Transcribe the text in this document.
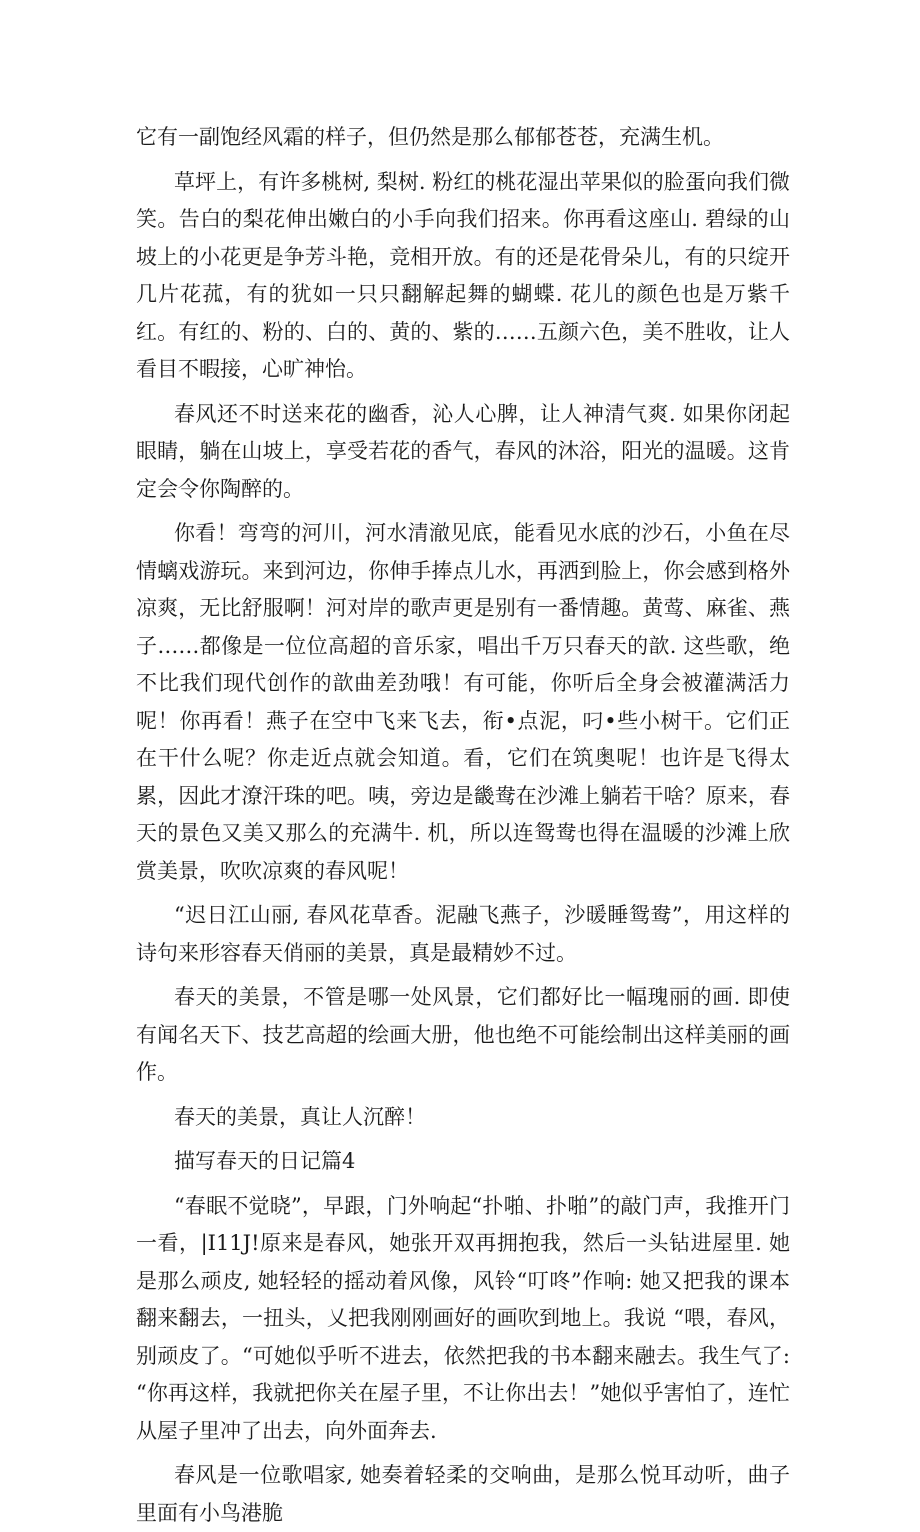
它有一副饱经风霜的样子，但仍然是那么郁郁苍苍，充满生机。

草坪上，有许多桃树, 梨树. 粉红的桃花湿出苹果似的脸蛋向我们微笑。告白的梨花伸出嫩白的小手向我们招来。你再看这座山. 碧绿的山坡上的小花更是争芳斗艳，竞相开放。有的还是花骨朵儿，有的只绽开几片花菰，有的犹如一只只翻解起舞的蝴蝶. 花儿的颜色也是万紫千红。有红的、粉的、白的、黄的、紫的……五颜六色，美不胜收，让人看目不暇接，心旷神怡。

春风还不时送来花的幽香，沁人心脾，让人神清气爽. 如果你闭起眼睛，躺在山坡上，享受若花的香气，春风的沐浴，阳光的温暖。这肯定会令你陶醉的。

你看！弯弯的河川，河水清澈见底，能看见水底的沙石，小鱼在尽情螭戏游玩。来到河边，你伸手捧点儿水，再洒到脸上，你会感到格外凉爽，无比舒服啊！河对岸的歌声更是别有一番情趣。黄莺、麻雀、燕子……都像是一位位高超的音乐家，唱出千万只春天的歆. 这些歌，绝不比我们现代创作的歆曲差劲哦！有可能，你听后全身会被灌满活力呢！你再看！燕子在空中飞来飞去，衔•点泥，叼•些小树干。它们正在干什么呢？你走近点就会知道。看，它们在筑奥呢！也许是飞得太累，因此才潦汗珠的吧。咦，旁边是畿鸯在沙滩上躺若干啥？原来，春天的景色又美又那么的充满牛. 机，所以连鸳鸯也得在温暖的沙滩上欣赏美景，吹吹凉爽的春风呢！

“迟日江山丽, 春风花草香。泥融飞燕子，沙暖睡鸳鸯”，用这样的诗句来形容春天俏丽的美景，真是最精妙不过。

春天的美景，不管是哪一处风景，它们都好比一幅瑰丽的画. 即使有闻名天下、技艺高超的绘画大册，他也绝不可能绘制出这样美丽的画作。

春天的美景，真让人沉醉！

描写春天的日记篇4

“春眠不觉晓”，早跟，门外响起“扑啪、扑啪”的敲门声，我推开门一看，|I11J!原来是春风，她张开双再拥抱我，然后一头钻进屋里. 她是那么顽皮, 她轻轻的摇动着风像，风铃“叮咚”作响: 她又把我的课本翻来翻去，一扭头，乂把我刚刚画好的画吹到地上。我说 “喂，春风，别顽皮了。“可她似乎听不进去，依然把我的书本翻来融去。我生气了: “你再这样，我就把你关在屋子里，不让你出去！”她似乎害怕了，连忙从屋子里冲了出去，向外面奔去.

春风是一位歌唱家, 她奏着轻柔的交响曲，是那么悦耳动听，曲子里面有小鸟港脆
